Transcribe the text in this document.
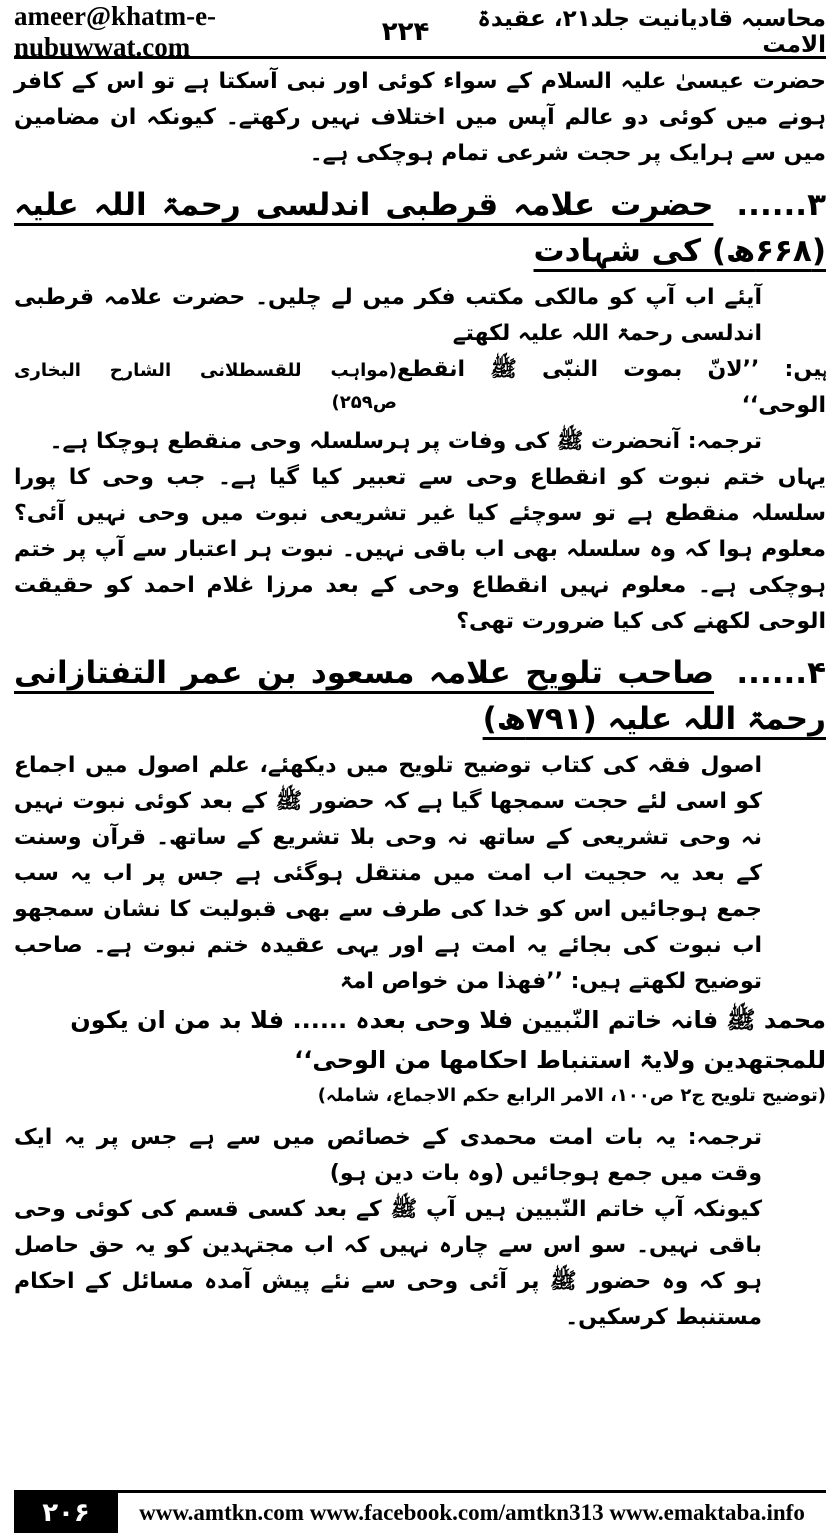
ameer@khatm-e-nubuwwat.com	۲۲۴	محاسبہ قادیانیت جلد۲۱، عقیدۃ الامت

حضرت عیسیٰ علیہ السلام کے سواء کوئی اور نبی آسکتا ہے تو اس کے کافر ہونے میں کوئی دو عالم آپس میں اختلاف نہیں رکھتے۔ کیونکہ ان مضامین میں سے ہرایک پر حجت شرعی تمام ہوچکی ہے۔

۳...... حضرت علامہ قرطبی اندلسی رحمۃ اللہ علیہ (۶۶۸ھ) کی شہادت

آیئے اب آپ کو مالکی مکتب فکر میں لے چلیں۔ حضرت علامہ قرطبی اندلسی رحمۃ اللہ علیہ لکھتے

ہیں: ’’لانّ بموت النبّی ﷺ انقطع الوحی‘‘

(مواہب للقسطلانی الشارح البخاری ص۲۵۹)

ترجمہ: آنحضرت ﷺ کی وفات پر ہرسلسلہ وحی منقطع ہوچکا ہے۔

یہاں ختم نبوت کو انقطاع وحی سے تعبیر کیا گیا ہے۔ جب وحی کا پورا سلسلہ منقطع ہے تو سوچئے کیا غیر تشریعی نبوت میں وحی نہیں آئی؟ معلوم ہوا کہ وہ سلسلہ بھی اب باقی نہیں۔ نبوت ہر اعتبار سے آپ پر ختم ہوچکی ہے۔ معلوم نہیں انقطاع وحی کے بعد مرزا غلام احمد کو حقیقت الوحی لکھنے کی کیا ضرورت تھی؟

۴...... صاحب تلویح علامہ مسعود بن عمر التفتازانی رحمۃ اللہ علیہ (۷۹۱ھ)

اصول فقہ کی کتاب توضیح تلویح میں دیکھئے، علم اصول میں اجماع کو اسی لئے حجت سمجھا گیا ہے کہ حضور ﷺ کے بعد کوئی نبوت نہیں نہ وحی تشریعی کے ساتھ نہ وحی بلا تشریع کے ساتھ۔ قرآن وسنت کے بعد یہ حجیت اب امت میں منتقل ہوگئی ہے جس پر اب یہ سب جمع ہوجائیں اس کو خدا کی طرف سے بھی قبولیت کا نشان سمجھو اب نبوت کی بجائے یہ امت ہے اور یہی عقیدہ ختم نبوت ہے۔ صاحب توضیح لکھتے ہیں: ’’فھذا من خواص امۃ

محمد ﷺ فانہ خاتم النّبیین فلا وحی بعدہ ...... فلا بد من ان یکون

للمجتھدین ولایۃ استنباط احکامھا من الوحی‘‘

(توضیح تلویح ج۲ ص۱۰۰، الامر الرابع حکم الاجماع، شاملہ)

ترجمہ: یہ بات امت محمدی کے خصائص میں سے ہے جس پر یہ ایک وقت میں جمع ہوجائیں (وہ بات دین ہو)

کیونکہ آپ خاتم النّبیین ہیں آپ ﷺ کے بعد کسی قسم کی کوئی وحی باقی نہیں۔ سو اس سے چارہ نہیں کہ اب مجتہدین کو یہ حق حاصل ہو کہ وہ حضور ﷺ پر آئی وحی سے نئے پیش آمدہ مسائل کے احکام مستنبط کرسکیں۔

۲۰۶	www.amtkn.com www.facebook.com/amtkn313 www.emaktaba.info
